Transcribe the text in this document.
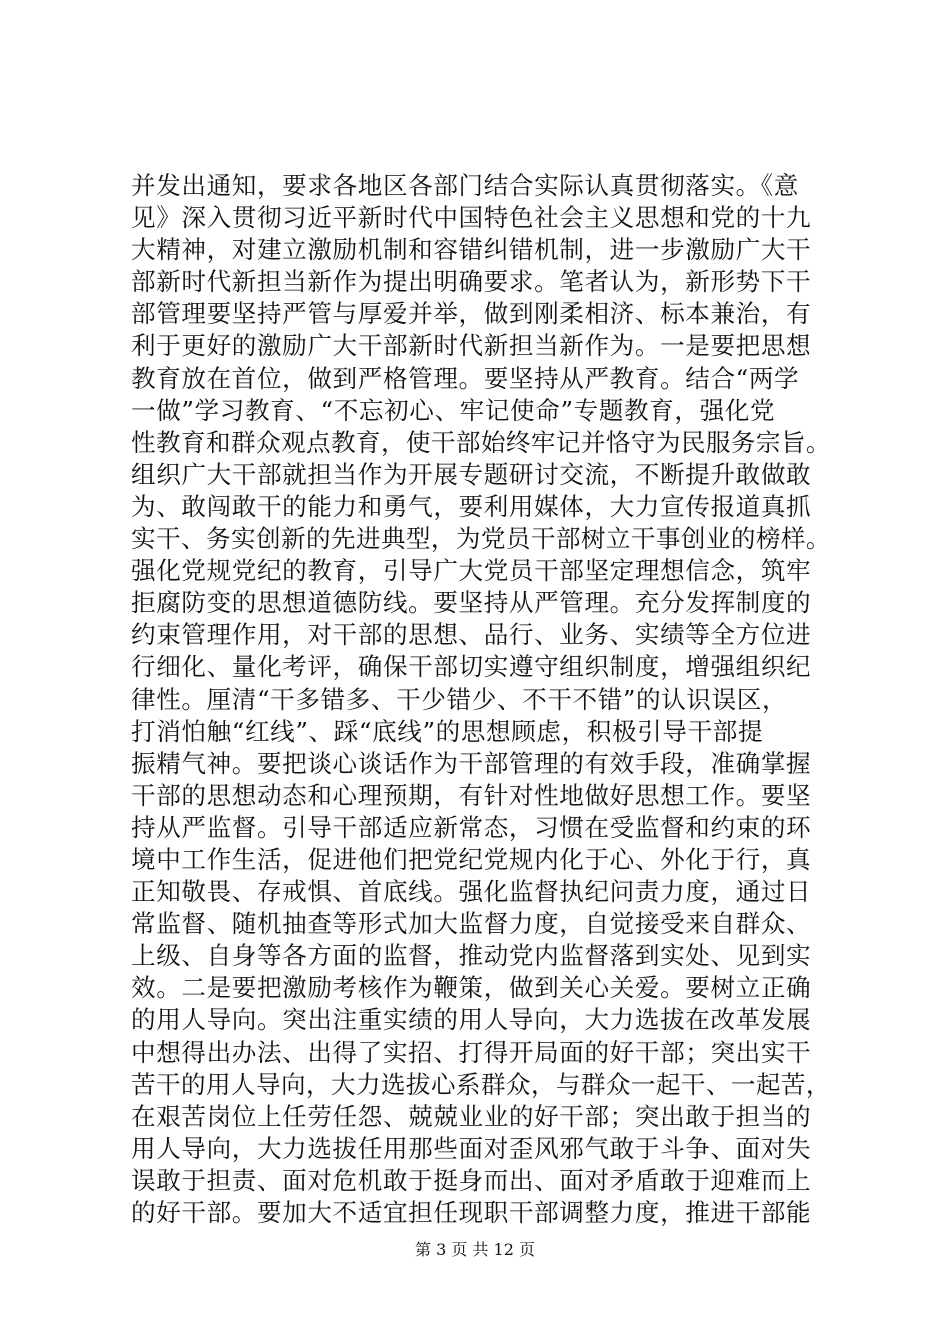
并发出通知，要求各地区各部门结合实际认真贯彻落实。《意
见》深入贯彻习近平新时代中国特色社会主义思想和党的十九
大精神，对建立激励机制和容错纠错机制，进一步激励广大干
部新时代新担当新作为提出明确要求。笔者认为，新形势下干
部管理要坚持严管与厚爱并举，做到刚柔相济、标本兼治，有
利于更好的激励广大干部新时代新担当新作为。一是要把思想
教育放在首位，做到严格管理。要坚持从严教育。结合“两学
一做”学习教育、“不忘初心、牢记使命”专题教育，强化党
性教育和群众观点教育，使干部始终牢记并恪守为民服务宗旨。
组织广大干部就担当作为开展专题研讨交流，不断提升敢做敢
为、敢闯敢干的能力和勇气，要利用媒体，大力宣传报道真抓
实干、务实创新的先进典型，为党员干部树立干事创业的榜样。
强化党规党纪的教育，引导广大党员干部坚定理想信念，筑牢
拒腐防变的思想道德防线。要坚持从严管理。充分发挥制度的
约束管理作用，对干部的思想、品行、业务、实绩等全方位进
行细化、量化考评，确保干部切实遵守组织制度，增强组织纪
律性。厘清“干多错多、干少错少、不干不错”的认识误区，
打消怕触“红线”、踩“底线”的思想顾虑，积极引导干部提
振精气神。要把谈心谈话作为干部管理的有效手段，准确掌握
干部的思想动态和心理预期，有针对性地做好思想工作。要坚
持从严监督。引导干部适应新常态，习惯在受监督和约束的环
境中工作生活，促进他们把党纪党规内化于心、外化于行，真
正知敬畏、存戒惧、首底线。强化监督执纪问责力度，通过日
常监督、随机抽查等形式加大监督力度，自觉接受来自群众、
上级、自身等各方面的监督，推动党内监督落到实处、见到实
效。二是要把激励考核作为鞭策，做到关心关爱。要树立正确
的用人导向。突出注重实绩的用人导向，大力选拔在改革发展
中想得出办法、出得了实招、打得开局面的好干部；突出实干
苦干的用人导向，大力选拔心系群众，与群众一起干、一起苦，
在艰苦岗位上任劳任怨、兢兢业业的好干部；突出敢于担当的
用人导向，大力选拔任用那些面对歪风邪气敢于斗争、面对失
误敢于担责、面对危机敢于挺身而出、面对矛盾敢于迎难而上
的好干部。要加大不适宜担任现职干部调整力度，推进干部能
第 3 页 共 12 页
